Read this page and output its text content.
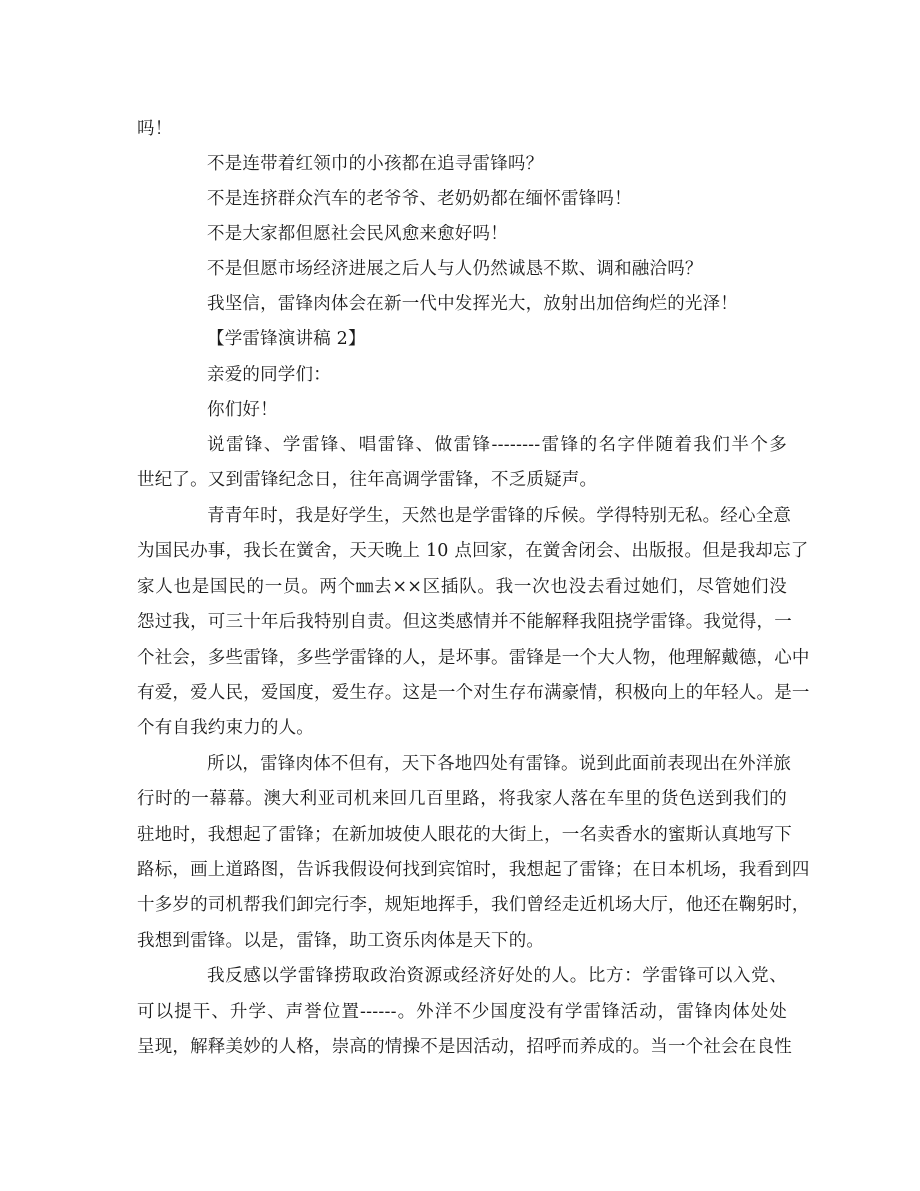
吗！
不是连带着红领巾的小孩都在追寻雷锋吗？
不是连挤群众汽车的老爷爷、老奶奶都在缅怀雷锋吗！
不是大家都但愿社会民风愈来愈好吗！
不是但愿市场经济进展之后人与人仍然诚恳不欺、调和融洽吗？
我坚信，雷锋肉体会在新一代中发挥光大，放射出加倍绚烂的光泽！
【学雷锋演讲稿 2】
亲爱的同学们：
你们好！
说雷锋、学雷锋、唱雷锋、做雷锋--------雷锋的名字伴随着我们半个多
世纪了。又到雷锋纪念日，往年高调学雷锋，不乏质疑声。
青青年时，我是好学生，天然也是学雷锋的斥候。学得特别无私。经心全意
为国民办事，我长在黉舍，天天晚上 10 点回家，在黉舍闭会、出版报。但是我却忘了
家人也是国民的一员。两个㎜去××区插队。我一次也没去看过她们，尽管她们没
怨过我，可三十年后我特别自责。但这类感情并不能解释我阻挠学雷锋。我觉得，一
个社会，多些雷锋，多些学雷锋的人，是坏事。雷锋是一个大人物，他理解戴德，心中
有爱，爱人民，爱国度，爱生存。这是一个对生存布满豪情，积极向上的年轻人。是一
个有自我约束力的人。
所以，雷锋肉体不但有，天下各地四处有雷锋。说到此面前表现出在外洋旅
行时的一幕幕。澳大利亚司机来回几百里路，将我家人落在车里的货色送到我们的
驻地时，我想起了雷锋；在新加坡使人眼花的大街上，一名卖香水的蜜斯认真地写下
路标，画上道路图，告诉我假设何找到宾馆时，我想起了雷锋；在日本机场，我看到四
十多岁的司机帮我们卸完行李，规矩地挥手，我们曾经走近机场大厅，他还在鞠躬时，
我想到雷锋。以是，雷锋，助工资乐肉体是天下的。
我反感以学雷锋捞取政治资源或经济好处的人。比方：学雷锋可以入党、
可以提干、升学、声誉位置------。外洋不少国度没有学雷锋活动，雷锋肉体处处
呈现，解释美妙的人格，崇高的情操不是因活动，招呼而养成的。当一个社会在良性
